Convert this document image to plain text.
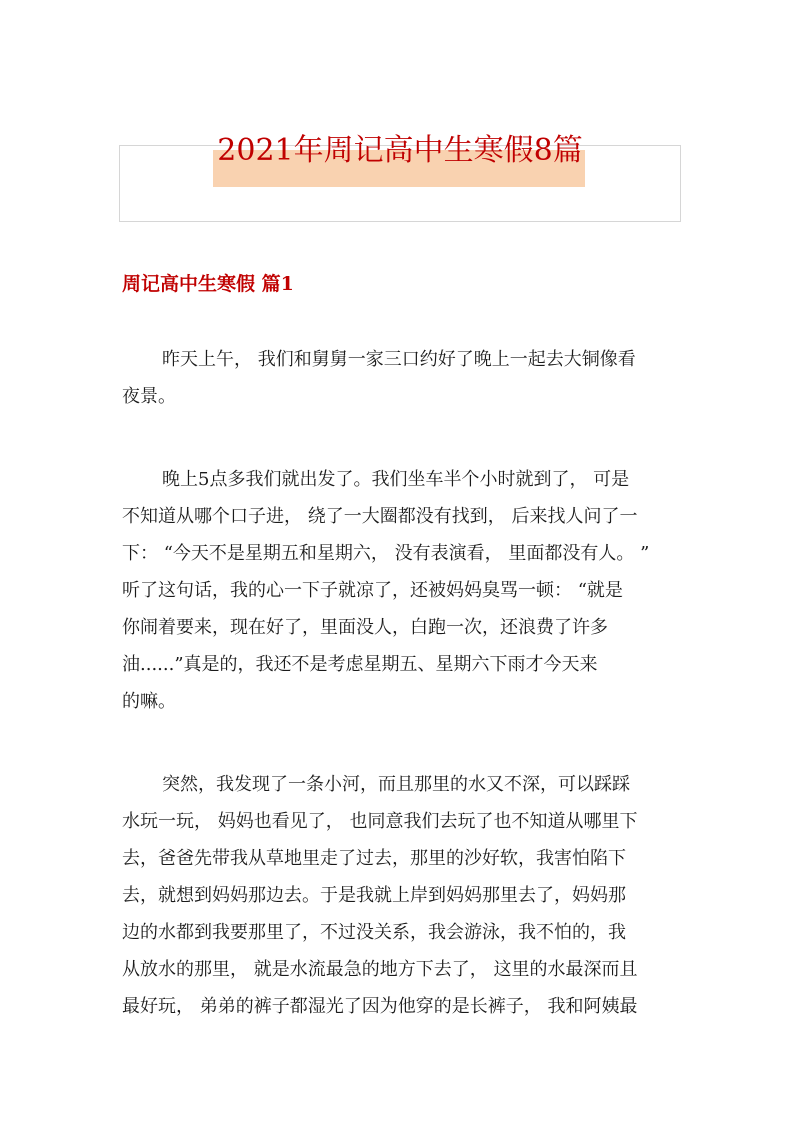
2021年周记高中生寒假8篇
周记高中生寒假 篇1
昨天上午， 我们和舅舅一家三口约好了晚上一起去大铜像看
夜景。
晚上5点多我们就出发了。我们坐车半个小时就到了， 可是
不知道从哪个口子进， 绕了一大圈都没有找到， 后来找人问了一
下： “今天不是星期五和星期六， 没有表演看， 里面都没有人。 ”
听了这句话，我的心一下子就凉了，还被妈妈臭骂一顿： “就是
你闹着要来，现在好了，里面没人，白跑一次，还浪费了许多
油......”真是的，我还不是考虑星期五、星期六下雨才今天来
的嘛。
突然，我发现了一条小河，而且那里的水又不深，可以踩踩
水玩一玩， 妈妈也看见了， 也同意我们去玩了也不知道从哪里下
去，爸爸先带我从草地里走了过去，那里的沙好软，我害怕陷下
去，就想到妈妈那边去。于是我就上岸到妈妈那里去了，妈妈那
边的水都到我要那里了，不过没关系，我会游泳，我不怕的，我
从放水的那里， 就是水流最急的地方下去了， 这里的水最深而且
最好玩， 弟弟的裤子都湿光了因为他穿的是长裤子， 我和阿姨最
